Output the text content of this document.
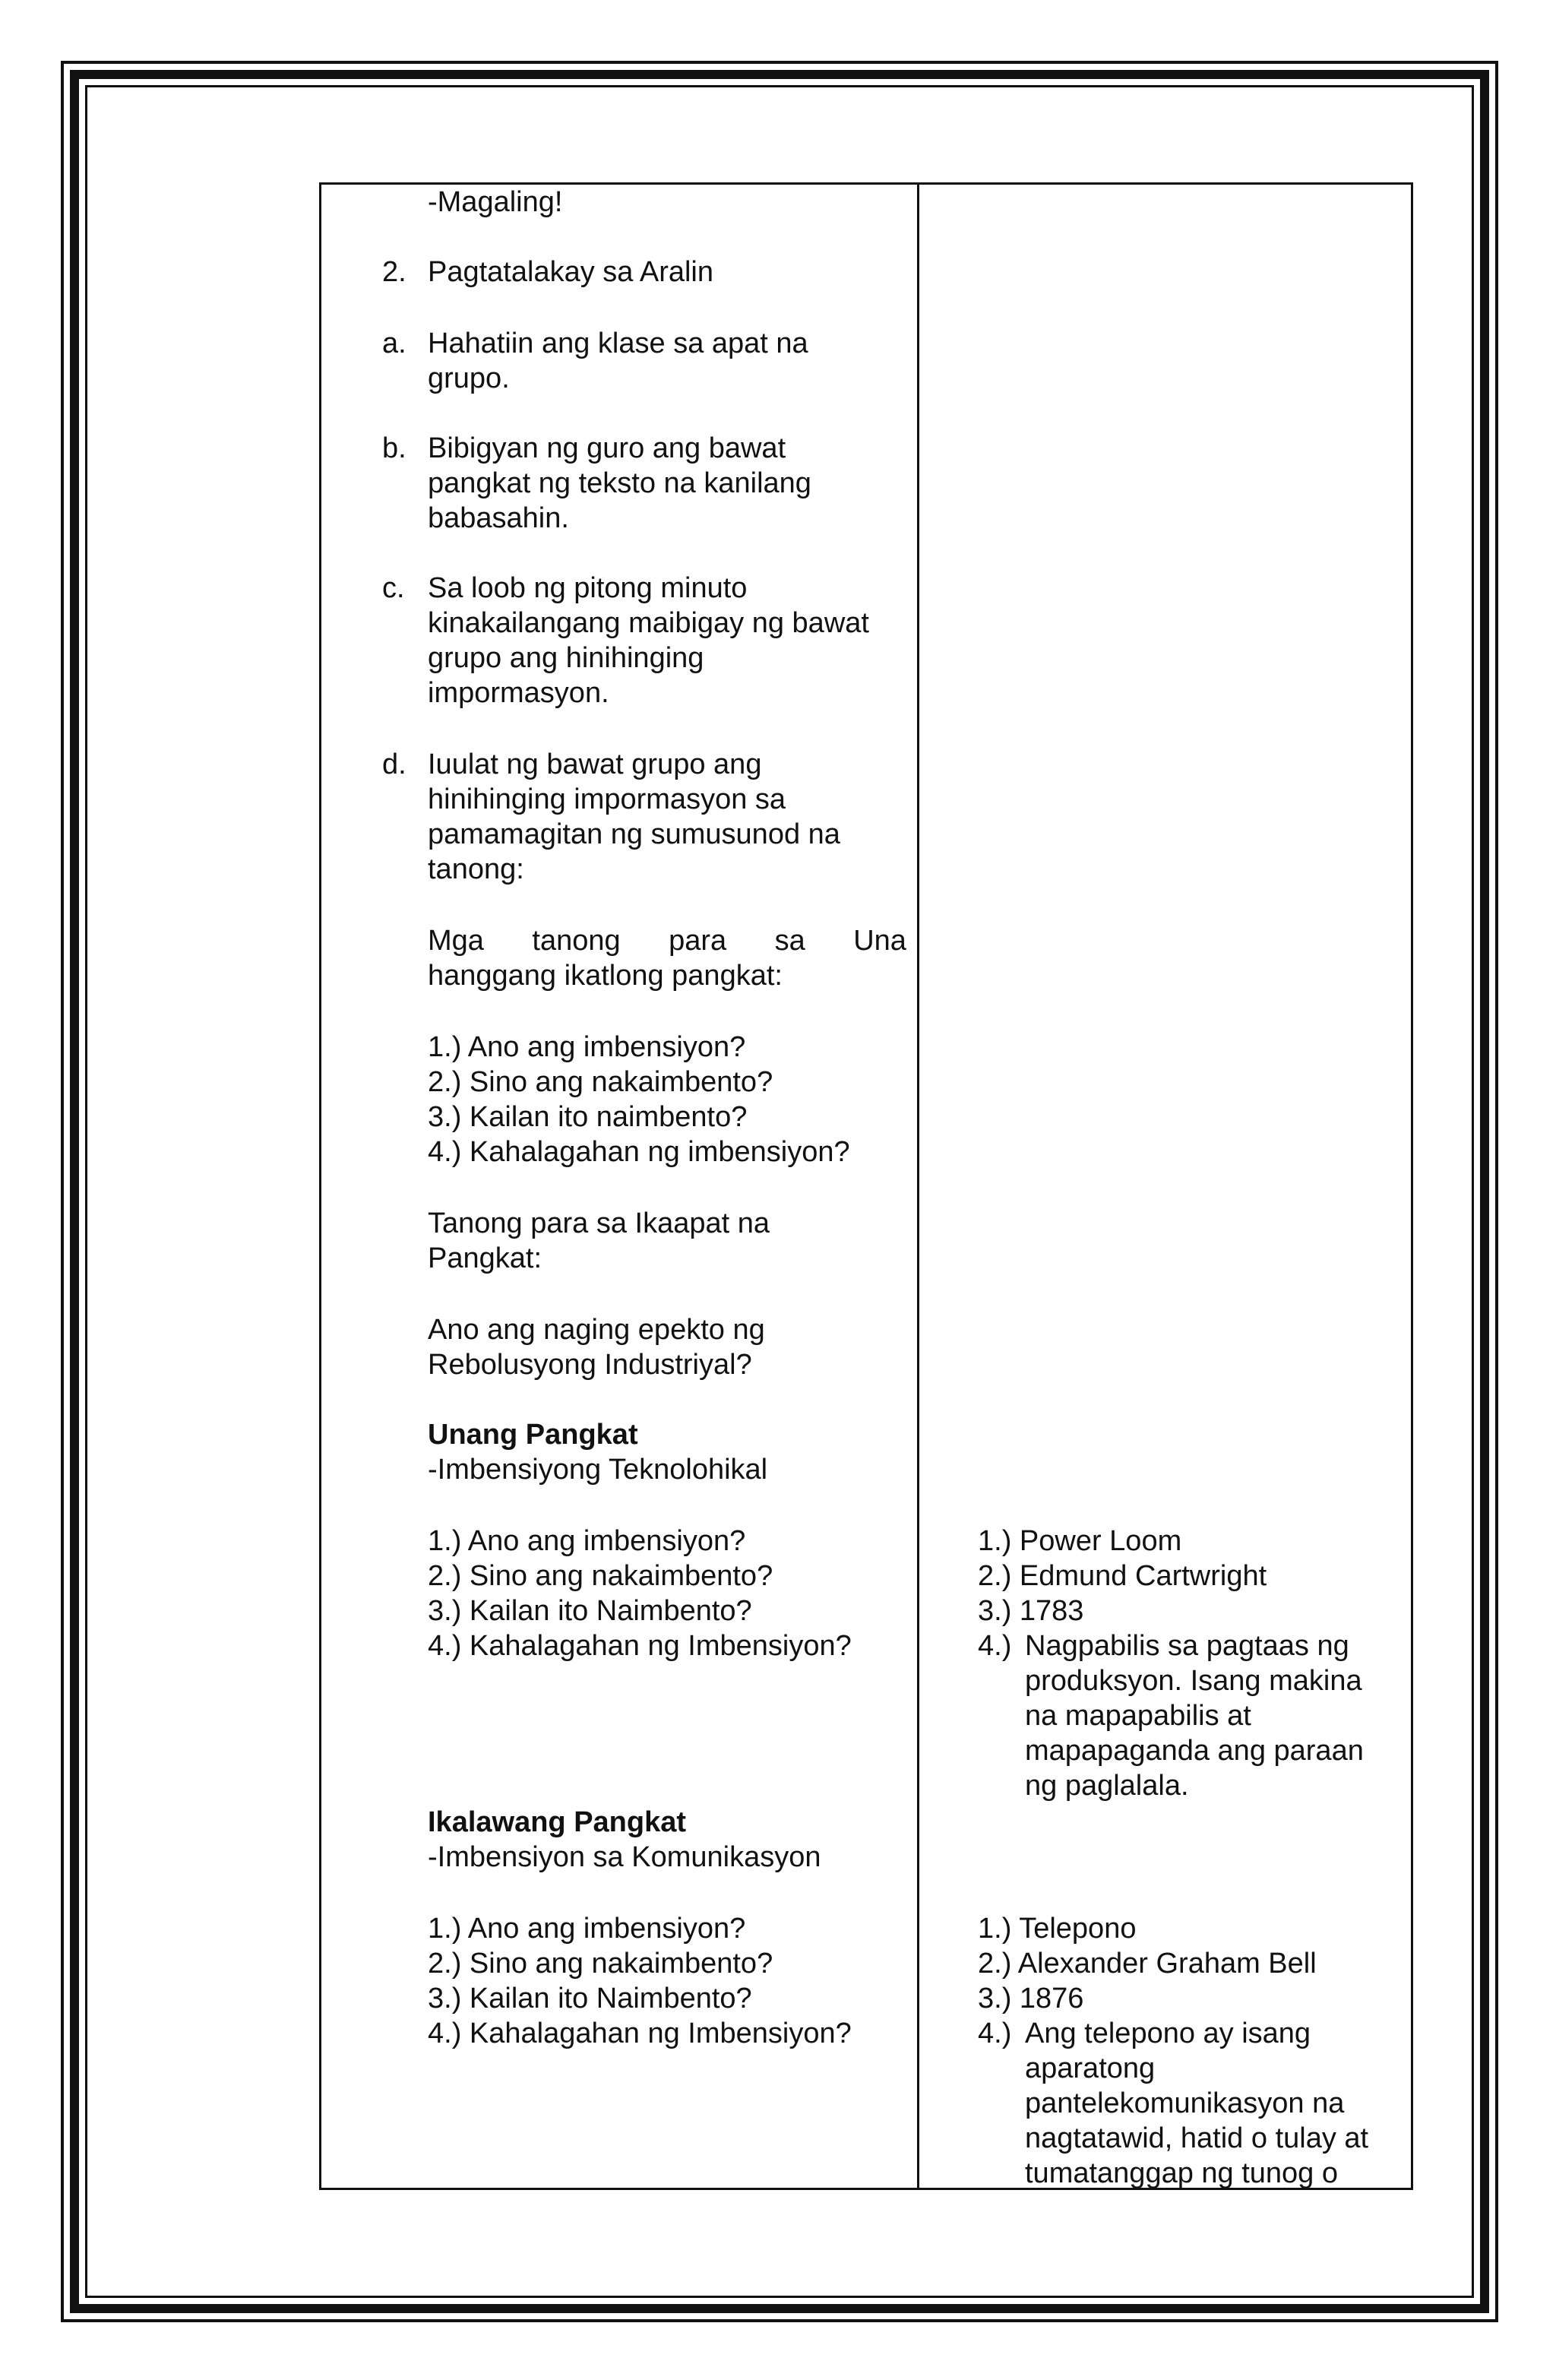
-Magaling!
2. Pagtatalakay sa Aralin
a. Hahatiin ang klase sa apat na
grupo.
b. Bibigyan ng guro ang bawat
pangkat ng teksto na kanilang
babasahin.
c. Sa loob ng pitong minuto
kinakailangang maibigay ng bawat
grupo ang hinihinging
impormasyon.
d. Iuulat ng bawat grupo ang
hinihinging impormasyon sa
pamamagitan ng sumusunod na
tanong:
Mga tanong para sa Una
hanggang ikatlong pangkat:
1.) Ano ang imbensiyon?
2.) Sino ang nakaimbento?
3.) Kailan ito naimbento?
4.) Kahalagahan ng imbensiyon?
Tanong para sa Ikaapat na
Pangkat:
Ano ang naging epekto ng
Rebolusyong Industriyal?
Unang Pangkat
-Imbensiyong Teknolohikal
1.) Ano ang imbensiyon?
2.) Sino ang nakaimbento?
3.) Kailan ito Naimbento?
4.) Kahalagahan ng Imbensiyon?
Ikalawang Pangkat
-Imbensiyon sa Komunikasyon
1.) Ano ang imbensiyon?
2.) Sino ang nakaimbento?
3.) Kailan ito Naimbento?
4.) Kahalagahan ng Imbensiyon?
1.) Power Loom
2.) Edmund Cartwright
3.) 1783
4.) Nagpabilis sa pagtaas ng
produksyon. Isang makina
na mapapabilis at
mapapaganda ang paraan
ng paglalala.
1.) Telepono
2.) Alexander Graham Bell
3.) 1876
4.) Ang telepono ay isang
aparatong
pantelekomunikasyon na
nagtatawid, hatid o tulay at
tumatanggap ng tunog o
